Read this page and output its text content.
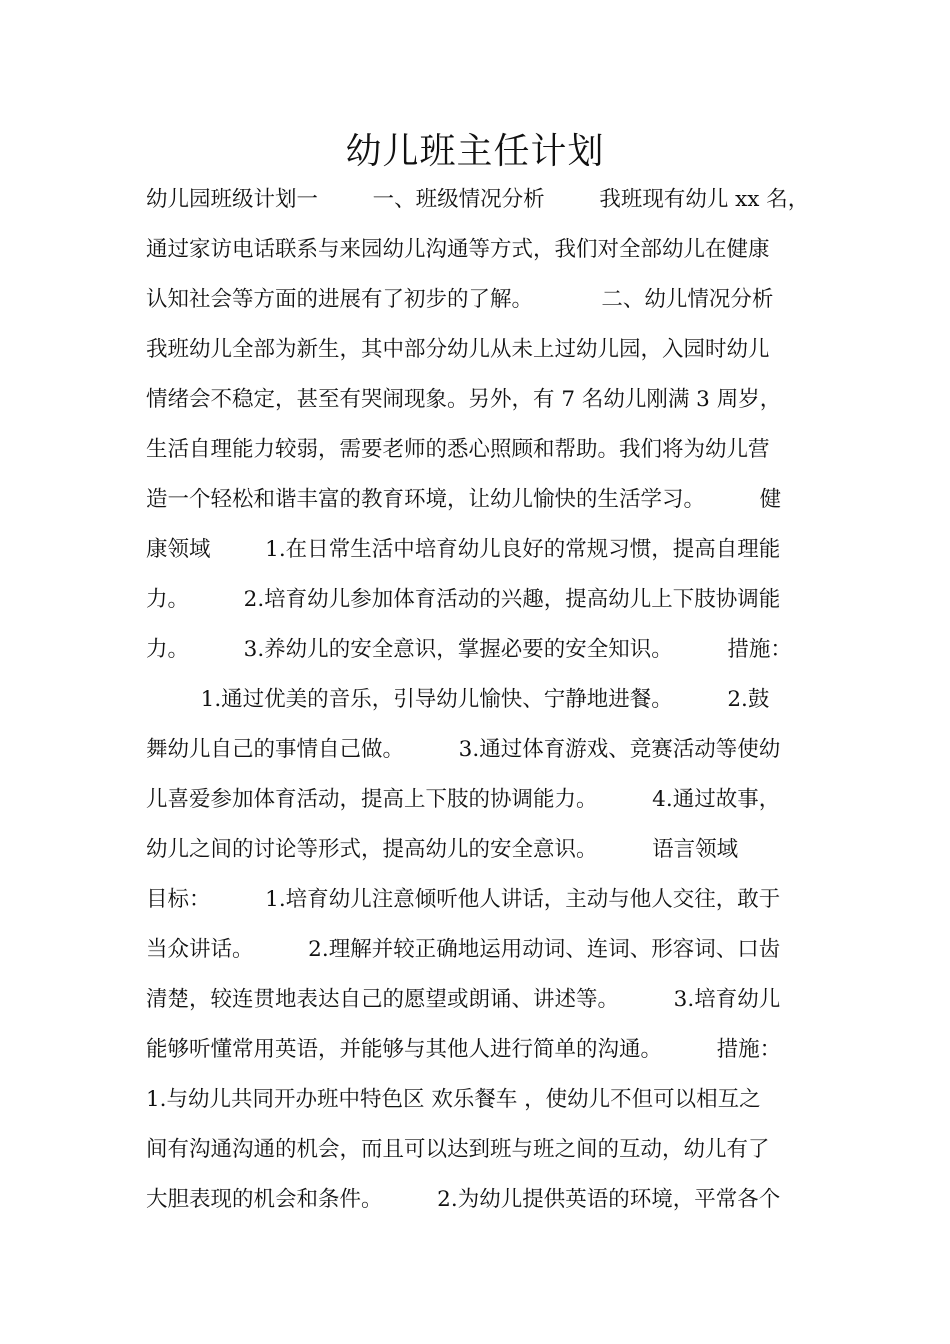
幼儿班主任计划
幼儿园班级计划一        一、班级情况分析        我班现有幼儿 xx 名，
通过家访电话联系与来园幼儿沟通等方式，我们对全部幼儿在健康
认知社会等方面的进展有了初步的了解。          二、幼儿情况分析
我班幼儿全部为新生，其中部分幼儿从未上过幼儿园，入园时幼儿
情绪会不稳定，甚至有哭闹现象。另外，有 7 名幼儿刚满 3 周岁，
生活自理能力较弱，需要老师的悉心照顾和帮助。我们将为幼儿营
造一个轻松和谐丰富的教育环境，让幼儿愉快的生活学习。        健
康领域        1.在日常生活中培育幼儿良好的常规习惯，提高自理能
力。        2.培育幼儿参加体育活动的兴趣，提高幼儿上下肢协调能
力。        3.养幼儿的安全意识，掌握必要的安全知识。        措施：
1.通过优美的音乐，引导幼儿愉快、宁静地进餐。        2.鼓
舞幼儿自己的事情自己做。        3.通过体育游戏、竞赛活动等使幼
儿喜爱参加体育活动，提高上下肢的协调能力。        4.通过故事，
幼儿之间的讨论等形式，提高幼儿的安全意识。        语言领域
目标：        1.培育幼儿注意倾听他人讲话，主动与他人交往，敢于
当众讲话。        2.理解并较正确地运用动词、连词、形容词、口齿
清楚，较连贯地表达自己的愿望或朗诵、讲述等。        3.培育幼儿
能够听懂常用英语，并能够与其他人进行简单的沟通。        措施：
1.与幼儿共同开办班中特色区 欢乐餐车 ，使幼儿不但可以相互之
间有沟通沟通的机会，而且可以达到班与班之间的互动，幼儿有了
大胆表现的机会和条件。        2.为幼儿提供英语的环境，平常各个
